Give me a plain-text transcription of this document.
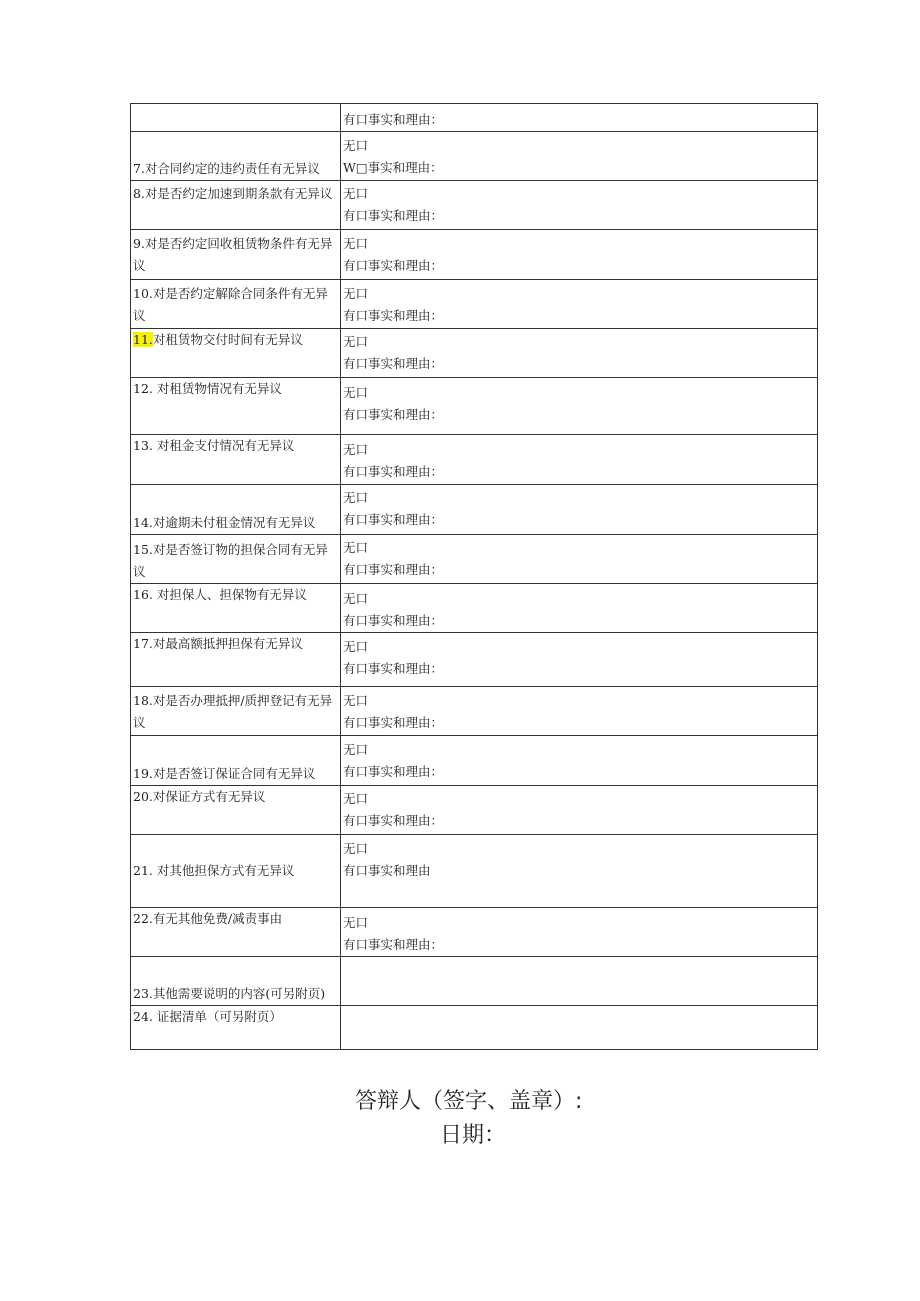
	有口事实和理由：

7.对合同约定的违约责任有无异议	无口
W□事实和理由：

8.对是否约定加速到期条款有无异议	无口
有口事实和理由：

9.对是否约定回收租赁物条件有无异议	无口
有口事实和理由：

10.对是否约定解除合同条件有无异议	无口
有口事实和理由：

11.对租赁物交付时间有无异议	无口
有口事实和理由：

12. 对租赁物情况有无异议	无口
有口事实和理由：

13. 对租金支付情况有无异议	无口
有口事实和理由：

14.对逾期未付租金情况有无异议	无口
有口事实和理由：

15.对是否签订物的担保合同有无异议	无口
有口事实和理由：

16. 对担保人、担保物有无异议	无口
有口事实和理由：

17.对最高额抵押担保有无异议	无口
有口事实和理由：

18.对是否办理抵押/质押登记有无异议	无口
有口事实和理由：

19.对是否签订保证合同有无异议	无口
有口事实和理由：

20.对保证方式有无异议	无口
有口事实和理由：

21. 对其他担保方式有无异议	无口
有口事实和理由

22.有无其他免费/减责事由	无口
有口事实和理由：

23.其他需要说明的内容(可另附页)	

24. 证据清单（可另附页）	

答辩人（签字、盖章）:
日期：
